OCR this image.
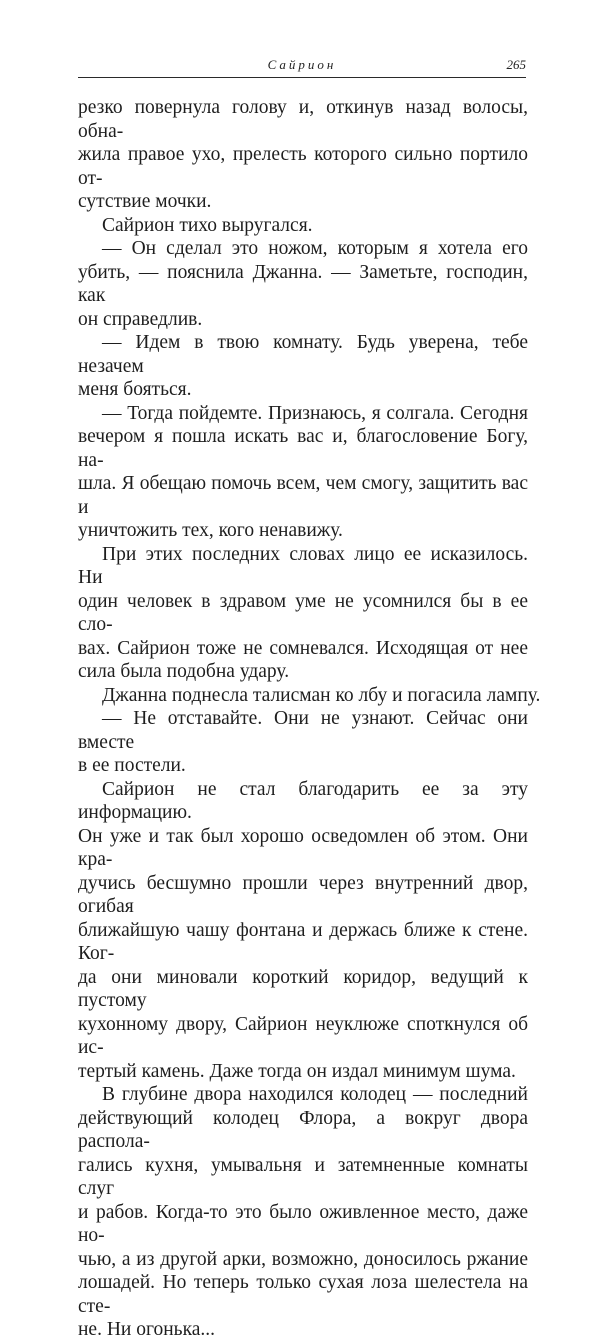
Сайрион	265

резко повернула голову и, откинув назад волосы, обна-
жила правое ухо, прелесть которого сильно портило от-
сутствие мочки.

Сайрион тихо выругался.

— Он сделал это ножом, которым я хотела его
убить, — пояснила Джанна. — Заметьте, господин, как
он справедлив.

— Идем в твою комнату. Будь уверена, тебе незачем
меня бояться.

— Тогда пойдемте. Признаюсь, я солгала. Сегодня
вечером я пошла искать вас и, благословение Богу, на-
шла. Я обещаю помочь всем, чем смогу, защитить вас и
уничтожить тех, кого ненавижу.

При этих последних словах лицо ее исказилось. Ни
один человек в здравом уме не усомнился бы в ее сло-
вах. Сайрион тоже не сомневался. Исходящая от нее
сила была подобна удару.

Джанна поднесла талисман ко лбу и погасила лампу.

— Не отставайте. Они не узнают. Сейчас они вместе
в ее постели.

Сайрион не стал благодарить ее за эту информацию.
Он уже и так был хорошо осведомлен об этом. Они кра-
дучись бесшумно прошли через внутренний двор, огибая
ближайшую чашу фонтана и держась ближе к стене. Ког-
да они миновали короткий коридор, ведущий к пустому
кухонному двору, Сайрион неуклюже споткнулся об ис-
тертый камень. Даже тогда он издал минимум шума.

В глубине двора находился колодец — последний
действующий колодец Флора, а вокруг двора распола-
гались кухня, умывальня и затемненные комнаты слуг
и рабов. Когда-то это было оживленное место, даже но-
чью, а из другой арки, возможно, доносилось ржание
лошадей. Но теперь только сухая лоза шелестела на сте-
не. Ни огонька...
